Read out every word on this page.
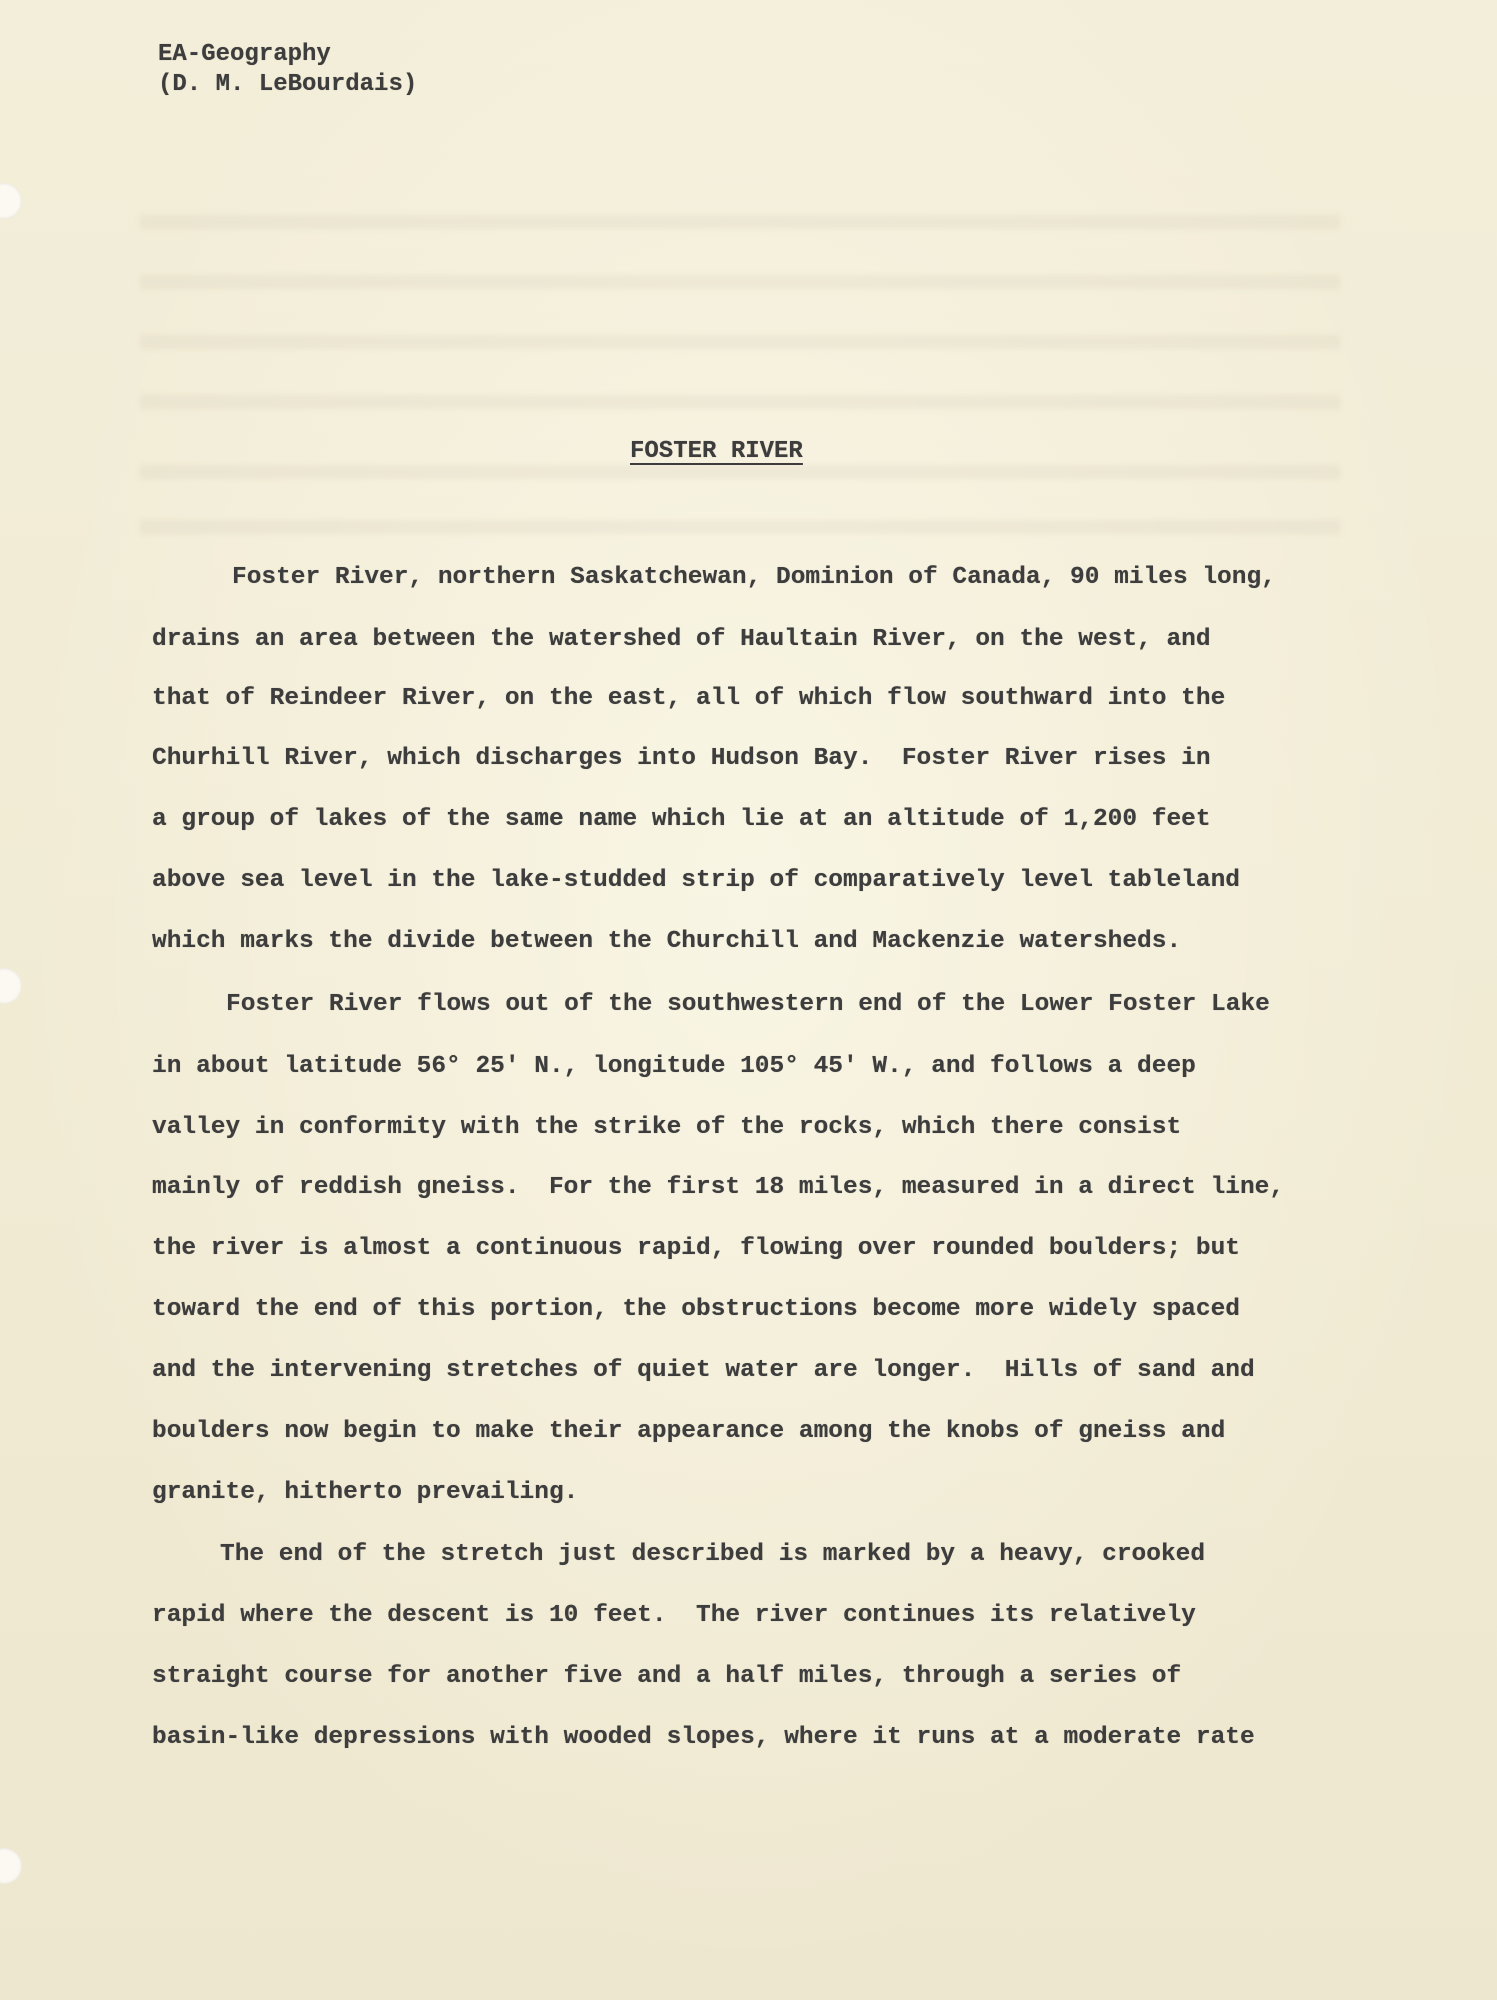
EA-Geography
(D. M. LeBourdais)
FOSTER RIVER
Foster River, northern Saskatchewan, Dominion of Canada, 90 miles long,
drains an area between the watershed of Haultain River, on the west, and
that of Reindeer River, on the east, all of which flow southward into the
Churhill River, which discharges into Hudson Bay.  Foster River rises in
a group of lakes of the same name which lie at an altitude of 1,200 feet
above sea level in the lake-studded strip of comparatively level tableland
which marks the divide between the Churchill and Mackenzie watersheds.
Foster River flows out of the southwestern end of the Lower Foster Lake
in about latitude 56° 25' N., longitude 105° 45' W., and follows a deep
valley in conformity with the strike of the rocks, which there consist
mainly of reddish gneiss.  For the first 18 miles, measured in a direct line,
the river is almost a continuous rapid, flowing over rounded boulders; but
toward the end of this portion, the obstructions become more widely spaced
and the intervening stretches of quiet water are longer.  Hills of sand and
boulders now begin to make their appearance among the knobs of gneiss and
granite, hitherto prevailing.
The end of the stretch just described is marked by a heavy, crooked
rapid where the descent is 10 feet.  The river continues its relatively
straight course for another five and a half miles, through a series of
basin-like depressions with wooded slopes, where it runs at a moderate rate
